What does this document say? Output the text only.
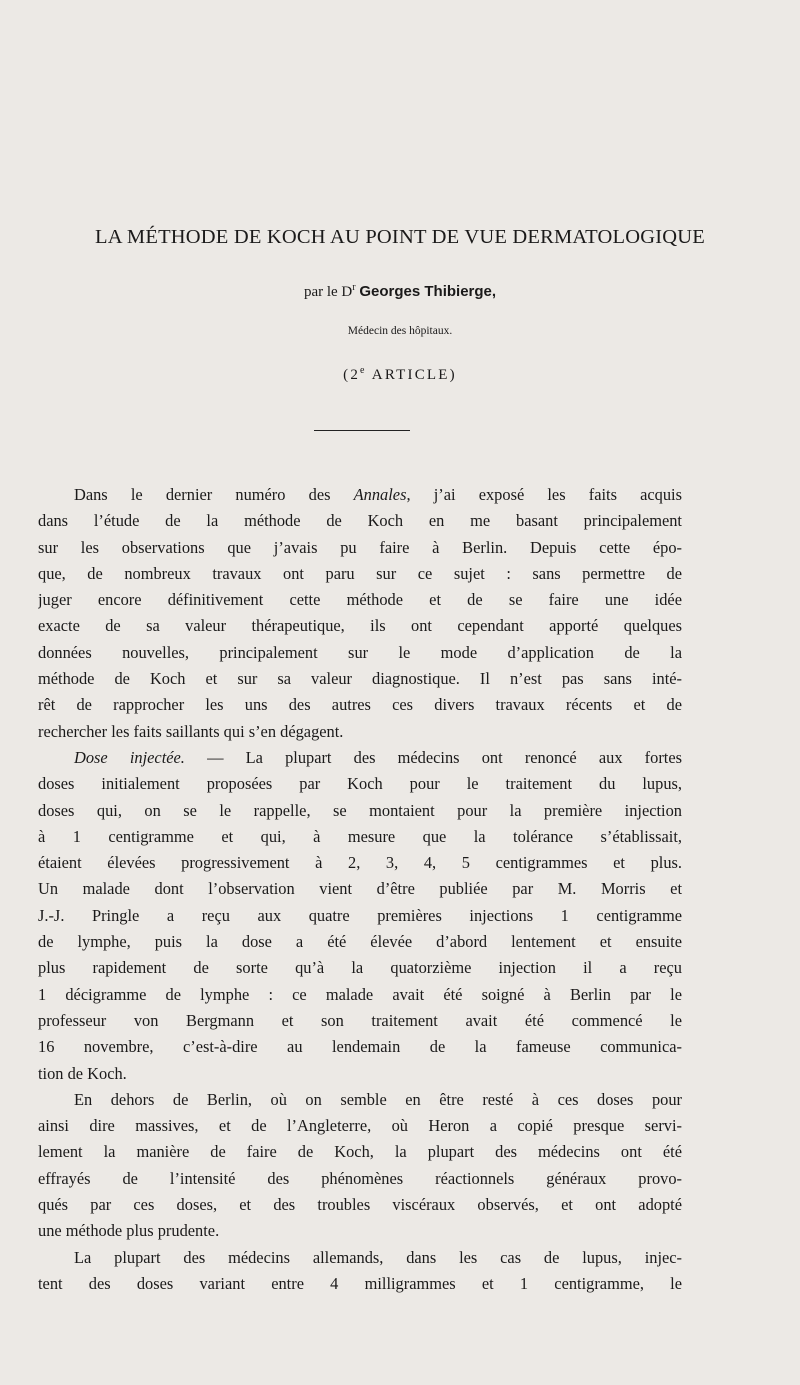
LA MÉTHODE DE KOCH AU POINT DE VUE DERMATOLOGIQUE
par le $D^r$ Georges Thibierge,
Médecin des hôpitaux.
(2e ARTICLE)
Dans le dernier numéro des Annales, j’ai exposé les faits acquis
dans l’étude de la méthode de Koch en me basant principalement
sur les observations que j’avais pu faire à Berlin. Depuis cette épo-
que, de nombreux travaux ont paru sur ce sujet : sans permettre de
juger encore définitivement cette méthode et de se faire une idée
exacte de sa valeur thérapeutique, ils ont cependant apporté quelques
données nouvelles, principalement sur le mode d’application de la
méthode de Koch et sur sa valeur diagnostique. Il n’est pas sans inté-
rêt de rapprocher les uns des autres ces divers travaux récents et de
rechercher les faits saillants qui s’en dégagent.
Dose injectée. — La plupart des médecins ont renoncé aux fortes
doses initialement proposées par Koch pour le traitement du lupus,
doses qui, on se le rappelle, se montaient pour la première injection
à 1 centigramme et qui, à mesure que la tolérance s’établissait,
étaient élevées progressivement à 2, 3, 4, 5 centigrammes et plus.
Un malade dont l’observation vient d’être publiée par M. Morris et
J.-J. Pringle a reçu aux quatre premières injections 1 centigramme
de lymphe, puis la dose a été élevée d’abord lentement et ensuite
plus rapidement de sorte qu’à la quatorzième injection il a reçu
1 décigramme de lymphe : ce malade avait été soigné à Berlin par le
professeur von Bergmann et son traitement avait été commencé le
16 novembre, c’est-à-dire au lendemain de la fameuse communica-
tion de Koch.
En dehors de Berlin, où on semble en être resté à ces doses pour
ainsi dire massives, et de l’Angleterre, où Heron a copié presque servi-
lement la manière de faire de Koch, la plupart des médecins ont été
effrayés de l’intensité des phénomènes réactionnels généraux provo-
qués par ces doses, et des troubles viscéraux observés, et ont adopté
une méthode plus prudente.
La plupart des médecins allemands, dans les cas de lupus, injec-
tent des doses variant entre 4 milligrammes et 1 centigramme, le
